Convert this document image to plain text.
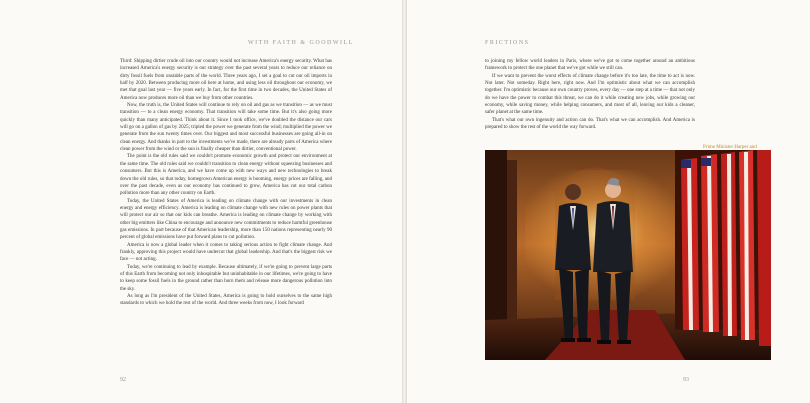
WITH FAITH & GOODWILL

Third: Shipping dirtier crude oil into our country would not increase America's energy security. What has increased America's energy security is our strategy over the past several years to reduce our reliance on dirty fossil fuels from unstable parts of the world. Three years ago, I set a goal to cut our oil imports in half by 2020. Between producing more oil here at home, and using less oil throughout our economy, we met that goal last year — five years early. In fact, for the first time in two decades, the United States of America now produces more oil than we buy from other countries.

Now, the truth is, the United States will continue to rely on oil and gas as we transition — as we must transition — to a clean energy economy. That transition will take some time. But it's also going more quickly than many anticipated. Think about it. Since I took office, we've doubled the distance our cars will go on a gallon of gas by 2025; tripled the power we generate from the wind; multiplied the power we generate from the sun twenty times over. Our biggest and most successful businesses are going all-in on clean energy. And thanks in part to the investments we've made, there are already parts of America where clean power from the wind or the sun is finally cheaper than dirtier, conventional power.

The point is the old rules said we couldn't promote economic growth and protect our environment at the same time. The old rules said we couldn't transition to clean energy without squeezing businesses and consumers. But this is America, and we have come up with new ways and new technologies to break down the old rules, so that today, homegrown American energy is booming, energy prices are falling, and over the past decade, even as our economy has continued to grow, America has cut our total carbon pollution more than any other country on Earth.

Today, the United States of America is leading on climate change with our investments in clean energy and energy efficiency. America is leading on climate change with new rules on power plants that will protect our air so that our kids can breathe. America is leading on climate change by working with other big emitters like China to encourage and announce new commitments to reduce harmful greenhouse gas emissions. In part because of that American leadership, more than 150 nations representing nearly 90 percent of global emissions have put forward plans to cut pollution.

America is now a global leader when it comes to taking serious action to fight climate change. And frankly, approving this project would have undercut that global leadership. And that's the biggest risk we face — not acting.

Today, we're continuing to lead by example. Because ultimately, if we're going to prevent large parts of this Earth from becoming not only inhospitable but uninhabitable in our lifetimes, we're going to have to keep some fossil fuels in the ground rather than burn them and release more dangerous pollution into the sky.

As long as I'm president of the United States, America is going to hold ourselves to the same high standards to which we hold the rest of the world. And three weeks from now, I look forward

92
FRICTIONS

to joining my fellow world leaders in Paris, where we've got to come together around an ambitious framework to protect the one planet that we've got while we still can.

If we want to prevent the worst effects of climate change before it's too late, the time to act is now. Not later. Not someday. Right here, right now. And I'm optimistic about what we can accomplish together. I'm optimistic because our own country proves, every day — one step at a time — that not only do we have the power to combat this threat, we can do it while creating new jobs, while growing our economy, while saving money, while helping consumers, and most of all, leaving our kids a cleaner, safer planet at the same time.

That's what our own ingenuity and action can do. That's what we can accomplish. And America is prepared to show the rest of the world the way forward.

Prime Minister Harper and
93
